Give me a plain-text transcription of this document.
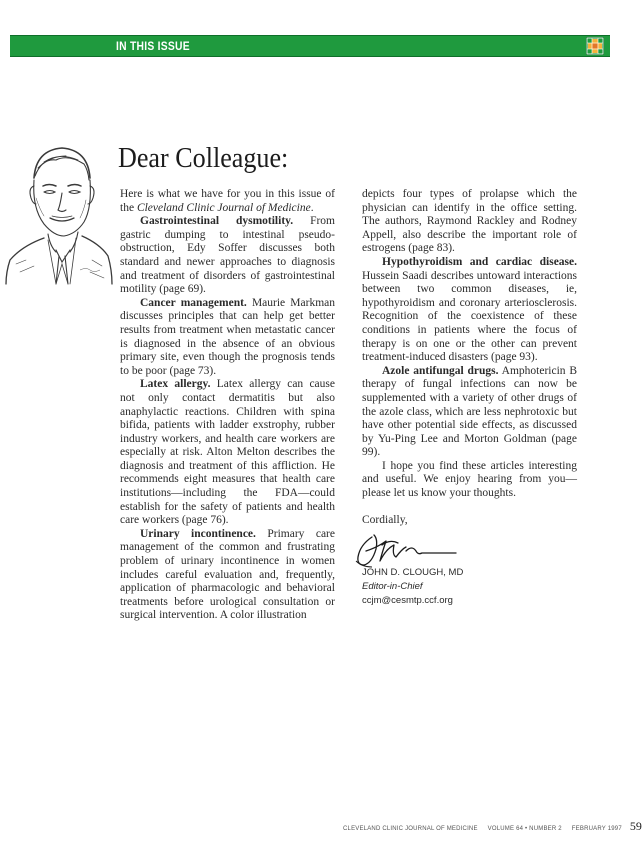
IN THIS ISSUE
Dear Colleague:

Here is what we have for you in this issue of the Cleveland Clinic Journal of Medicine.

Gastrointestinal dysmotility. From gastric dumping to intestinal pseudo-obstruction, Edy Soffer discusses both standard and newer approaches to diagnosis and treatment of disorders of gastrointestinal motility (page 69).

Cancer management. Maurie Markman discusses principles that can help get better results from treatment when metastatic cancer is diagnosed in the absence of an obvious primary site, even though the prognosis tends to be poor (page 73).

Latex allergy. Latex allergy can cause not only contact dermatitis but also anaphylactic reactions. Children with spina bifida, patients with ladder exstrophy, rubber industry workers, and health care workers are especially at risk. Alton Melton describes the diagnosis and treatment of this affliction. He recommends eight measures that health care institutions—including the FDA—could establish for the safety of patients and health care workers (page 76).

Urinary incontinence. Primary care management of the common and frustrating problem of urinary incontinence in women includes careful evaluation and, frequently, application of pharmacologic and behavioral treatments before urological consultation or surgical intervention. A color illustration

depicts four types of prolapse which the physician can identify in the office setting. The authors, Raymond Rackley and Rodney Appell, also describe the important role of estrogens (page 83).

Hypothyroidism and cardiac disease. Hussein Saadi describes untoward interactions between two common diseases, ie, hypothyroidism and coronary arteriosclerosis. Recognition of the coexistence of these conditions in patients where the focus of therapy is on one or the other can prevent treatment-induced disasters (page 93).

Azole antifungal drugs. Amphotericin B therapy of fungal infections can now be supplemented with a variety of other drugs of the azole class, which are less nephrotoxic but have other potential side effects, as discussed by Yu-Ping Lee and Morton Goldman (page 99).

I hope you find these articles interesting and useful. We enjoy hearing from you—please let us know your thoughts.

Cordially,

JOHN D. CLOUGH, MD
Editor-in-Chief
ccjm@cesmtp.ccf.org
CLEVELAND CLINIC JOURNAL OF MEDICINE VOLUME 64 • NUMBER 2 FEBRUARY 1997 59
